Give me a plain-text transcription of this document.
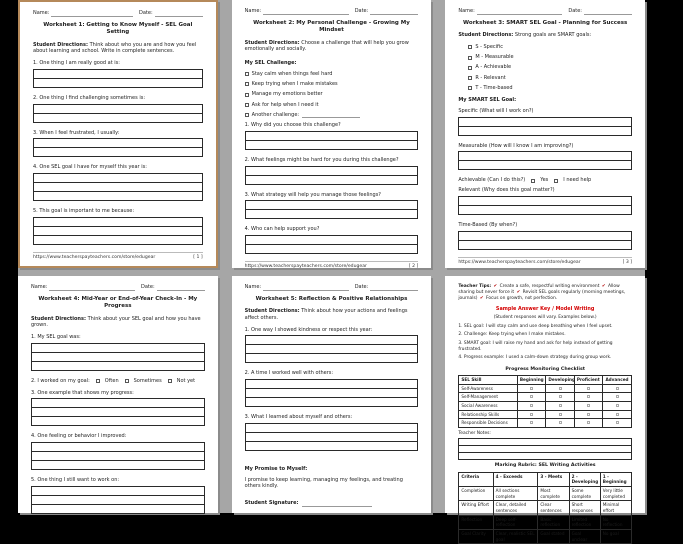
Name:	Date:
Worksheet 1: Getting to Know Myself - SEL Goal Setting
Student Directions: Think about who you are and how you feel about learning and school. Write in complete sentences.
1. One thing I am really good at is:
2. One thing I find challenging sometimes is:
3. When I feel frustrated, I usually:
4. One SEL goal I have for myself this year is:
5. This goal is important to me because:
https://www.teacherspayteachers.com/store/edugear	[ 1 ]
Name:	Date:
Worksheet 2: My Personal Challenge - Growing My Mindset
Student Directions: Choose a challenge that will help you grow emotionally and socially.
My SEL Challenge:
Stay calm when things feel hard
Keep trying when I make mistakes
Manage my emotions better
Ask for help when I need it
Another challenge:
1. Why did you choose this challenge?
2. What feelings might be hard for you during this challenge?
3. What strategy will help you manage those feelings?
4. Who can help support you?
https://www.teacherspayteachers.com/store/edugear	[ 2 ]
Name:	Date:
Worksheet 3: SMART SEL Goal - Planning for Success
Student Directions: Strong goals are SMART goals:
S - Specific
M - Measurable
A - Achievable
R - Relevant
T - Time-based
My SMART SEL Goal:
Specific (What will I work on?)
Measurable (How will I know I am improving?)
Achievable (Can I do this?)	Yes	I need help
Relevant (Why does this goal matter?)
Time-Based (By when?)
https://www.teacherspayteachers.com/store/edugear	[ 3 ]
Name:	Date:
Worksheet 4: Mid-Year or End-of-Year Check-In - My Progress
Student Directions: Think about your SEL goal and how you have grown.
1. My SEL goal was:
2. I worked on my goal:	Often	Sometimes	Not yet
3. One example that shows my progress:
4. One feeling or behavior I improved:
5. One thing I still want to work on:
Name:	Date:
Worksheet 5: Reflection & Positive Relationships
Student Directions: Think about how your actions and feelings affect others.
1. One way I showed kindness or respect this year:
2. A time I worked well with others:
3. What I learned about myself and others:
My Promise to Myself:
I promise to keep learning, managing my feelings, and treating others kindly.
Student Signature:
Teacher Tips: ✔ Create a safe, respectful writing environment ✔ Allow sharing but never force it ✔ Revisit SEL goals regularly (morning meetings, journals) ✔ Focus on growth, not perfection.
Sample Answer Key / Model Writing
(Student responses will vary. Examples below.)
1. SEL goal: I will stay calm and use deep breathing when I feel upset.
2. Challenge: Keep trying when I make mistakes.
3. SMART goal: I will raise my hand and ask for help instead of getting frustrated.
4. Progress example: I used a calm-down strategy during group work.
Progress Monitoring Checklist
SEL Skill	Beginning	Developing	Proficient	Advanced
Self-Awareness				
Self-Management				
Social Awareness				
Relationship Skills				
Responsible Decisions				
Teacher Notes:
Marking Rubric: SEL Writing Activities
Criteria	4 - Exceeds	3 - Meets	2 - Developing	1 - Beginning
Completion	All sections complete	Most complete	Some complete	Very little completed
Writing Effort	Clear, detailed sentences	Clear sentences	Short responses	Minimal effort
Reflection	Deep self-reflection	Basic reflection	Limited reflection	No reflection
Goal Clarity	Clear, realistic SEL goal	Goal stated	Goal unclear	No goal
